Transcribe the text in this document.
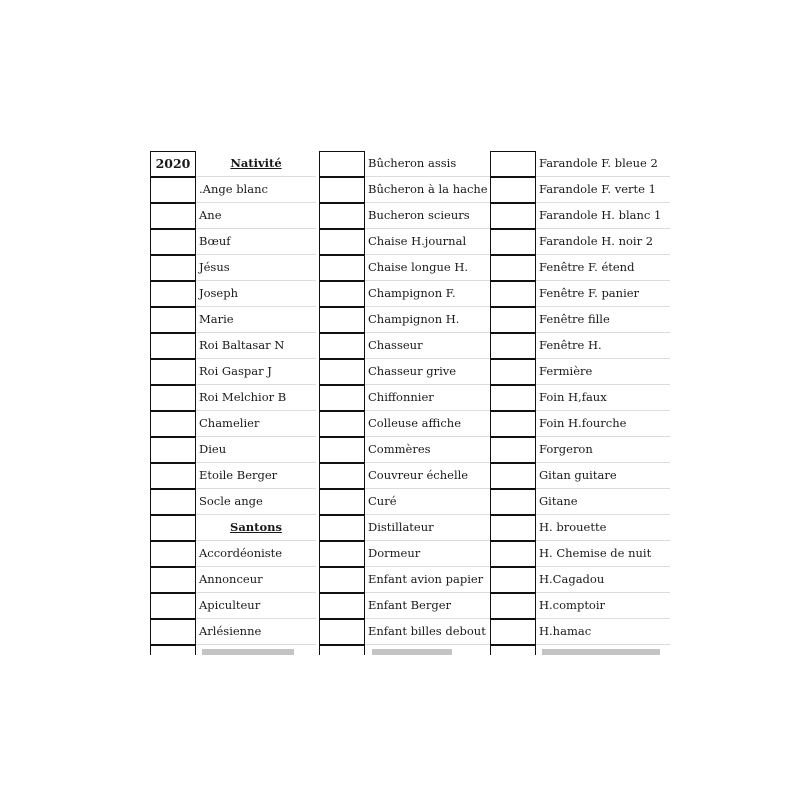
2020	Nativité
.Ange blanc
Ane
Bœuf
Jésus
Joseph
Marie
Roi Baltasar N
Roi Gaspar J
Roi Melchior B
Chamelier
Dieu
Etoile Berger
Socle ange
Santons
Accordéoniste
Annonceur
Apiculteur
Arlésienne
Bûcheron assis
Bûcheron à la hache
Bucheron scieurs
Chaise H.journal
Chaise longue H.
Champignon F.
Champignon H.
Chasseur
Chasseur grive
Chiffonnier
Colleuse affiche
Commères
Couvreur échelle
Curé
Distillateur
Dormeur
Enfant avion papier
Enfant Berger
Enfant billes debout
Farandole F. bleue 2
Farandole F. verte 1
Farandole H. blanc 1
Farandole H. noir 2
Fenêtre F. étend
Fenêtre F. panier
Fenêtre fille
Fenêtre H.
Fermière
Foin H,faux
Foin H.fourche
Forgeron
Gitan guitare
Gitane
H. brouette
H. Chemise de nuit
H.Cagadou
H.comptoir
H.hamac
